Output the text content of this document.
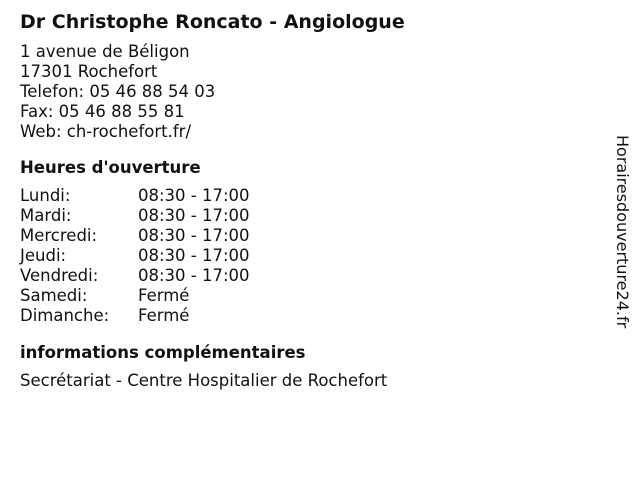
Dr Christophe Roncato - Angiologue
1 avenue de Béligon
17301 Rochefort
Telefon: 05 46 88 54 03
Fax: 05 46 88 55 81
Web: ch-rochefort.fr/
Heures d'ouverture
Lundi:	08:30 - 17:00
Mardi:	08:30 - 17:00
Mercredi:	08:30 - 17:00
Jeudi:	08:30 - 17:00
Vendredi:	08:30 - 17:00
Samedi:	Fermé
Dimanche:	Fermé
informations complémentaires
Secrétariat - Centre Hospitalier de Rochefort
Horairesdouverture24.fr
